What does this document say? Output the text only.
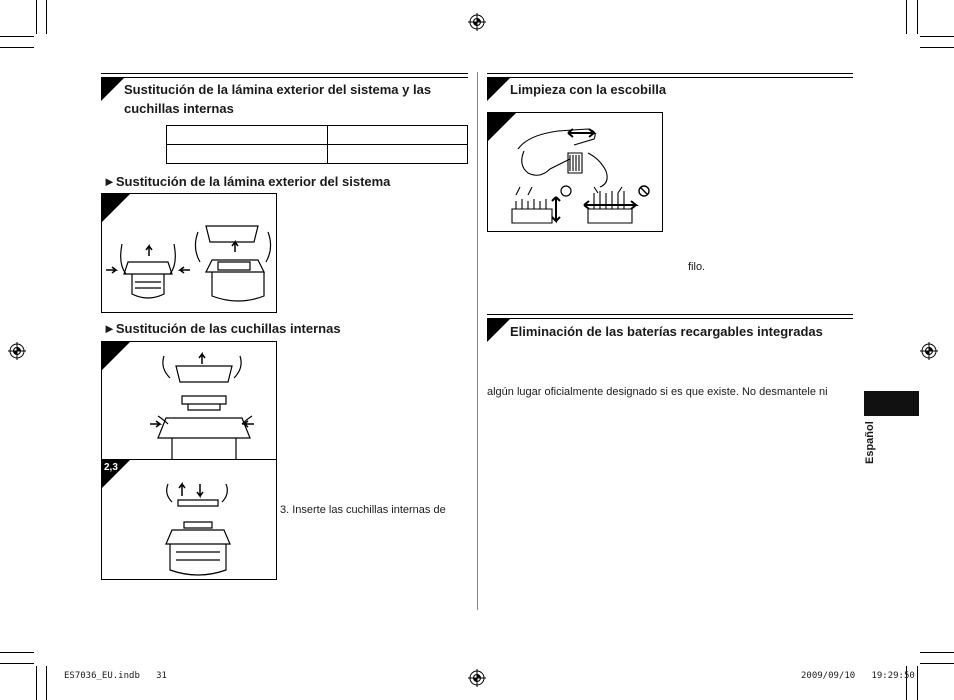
Sustitución de la lámina exterior del sistema y las cuchillas internas

►Sustitución de la lámina exterior del sistema
►Sustitución de las cuchillas internas
2,3
3. Inserte las cuchillas internas de
Limpieza con la escobilla
filo.
Eliminación de las baterías recargables integradas
algún lugar oficialmente designado si es que existe. No desmantele ni
Español
ES7036_EU.indb   31	2009/09/10   19:29:50
